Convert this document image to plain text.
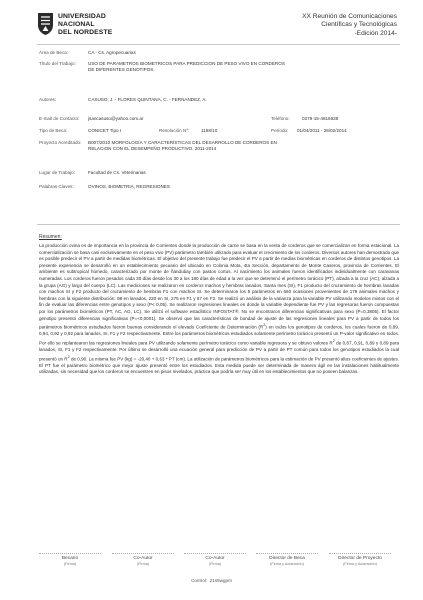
UNIVERSIDAD
NACIONAL
DEL NORDESTE
XX Reunión de Comunicaciones
Científicas y Tecnológicas
-Edición 2014-
Área de Beca:	CA - Cs. Agropecuarias
Título del Trabajo:	USO DE PARAMETROS BIOMETRICOS PARA PREDICCION DE PESO VIVO EN CORDEROS
DE DIFERENTES GENOTIPOS.
Autores:	CASUSO, J. - FLORES QUINTANA, C. - FERNANDEZ, A.
E-mail de Contacto: jsancasuso@yahoo.com.ar	Teléfono:	0379-15-4816638
Tipo de Beca:	CONICET Tipo I	Resolución Nº:	1158/10	Período: 01/04/2011 - 26/02/2014
Proyecto Acreditado: B007/2010 MORFOLOGÍA Y CARACTERÍSTICAS DEL DESARROLLO DE CORDEROS EN
RELACION CON EL DESEMPEÑO PRODUCTIVO. 2011-2014
Lugar de Trabajo:	Facultad de Cs. Veterinarias
Palabras Claves:	OVINOS, BIOMETRIA, REGRESIONES
Resumen:
La producción ovina es de importancia en la provincia de Corrientes donde la producción de carne se basa en la venta de corderos que se comercializan en forma estacional. La comercialización se basa casi exclusivamente en el peso vivo (PV) parámetro también utilizado para evaluar el crecimiento de los corderos. Diversos autores han demostrado que es posible predecir el PV a partir de medidas biométricas. El objetivo del presente trabajo fue predecir el PV a partir de medias biométricas en corderos de distintos genotipos. La presente experiencia se desarrolló en un establecimiento pecuario del ubicado en Colonia Mota, 4ta Sección, departamento de Monte Caseros, provincia de Corrientes. El ambiente es subtropical húmedo, caracterizado por monte de ñandubay con pastos cortos. Al nacimiento los animales fueron identificados individualmente con caravanas numeradas. Los corderos fueron pesados cada 30 días desde los 30 a los 180 días de edad a la vez que se determinó el perímetro torácico (PT), alzada a la cruz (AC), alzada a la grupa (AG) y largo del cuerpo (LC). Las mediciones se realizaron en corderos machos y hembras lanados, Santa Ines (SI), F1 producto del cruzamiento de hembras lanadas con machos SI y F2 producto del cruzamiento de hembras F1 con machos SI. Se determinaron los 5 parámetros en 660 ocasiones provenientes de 179 animales machos y hembras con la siguiente distribución: 98 en lanados, 220 en SI, 275 en F1 y 67 en F2. Se realizó un análisis de la varianza para la variable PV utilizando modelos mixtos con el fin de evaluar las diferencias entre genotipos y sexo (P< 0,05). Se realizaron regresiones lineales en donde la variable dependiente fue PV y las regresoras fueron compuestas por los parámetros biométricos (PT, AC, AG, LC). Se utilizó el software estadístico INFOSTAT®. No se encontraron diferencias significativas para sexo (P=0,3805). El factor genotipo presentó diferencias significativas (P=<0,0001). Se observó que las características de bondad de ajuste de las regresiones lineales para PV a partir de todos los parámetros biométricos estudiados fueron buenas considerando el elevado Coeficiente de Determinación $(R^2)$ en todos los genotipos de corderos, los cuales fueron de 0,89, 0,94, 0,92 y 0,92 para lanados, SI, F1 y F2 respectivamente. Entre los parámetros biométricos estudiados solamente perímetro torácico presentó un P-valor significativo en todos. Por ello se replantearon las regresiones lineales para PV utilizando solamente perímetro torácico como variable regresora y se obtuvo valores $R^2$ de 0,87, 0,91, 0,89 y 0,89 para lanados, SI, F1 y F2 respectivamente. Por último se desarrolló una ecuación general para predicción de PV a partir de PT común para todos los genotipos estudiados la cual presentó un $R^2$ de 0,90. La misma fue PV (kg) = -20,40 + 0,63 * PT (cm). La utilización de parámetros biométricos para la estimación de PV presentó altos coeficientes de ajustes. El PT fue el parámetro biométrico que mejor ajuste presentó entre los estudiados. Esta medida puede ser determinada de manera ágil en las instalaciones habitualmente utilizadas, sin necesidad que los corderos se encuentren en pisos nivelados, práctica que podría ser muy útil en los establecimientos que no poseen balanzas.
Becario
(Firma)
Co-Autor
(Firma)
Co-Autor
(Firma)
Director de Beca
(Firma y Aclaración)
Director de Proyecto
(Firma y Aclaración)
Control: 21s5wgpm
